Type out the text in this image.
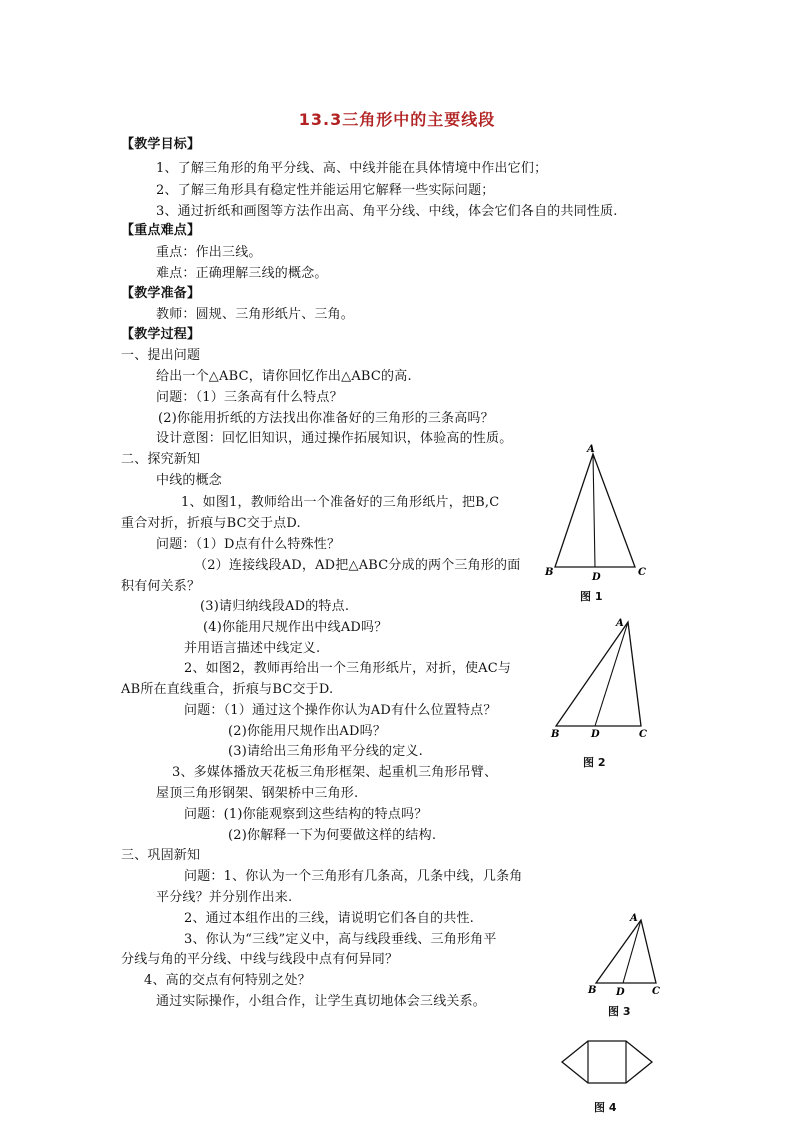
13.3三角形中的主要线段
【教学目标】
1、了解三角形的角平分线、高、中线并能在具体情境中作出它们；
2、了解三角形具有稳定性并能运用它解释一些实际问题；
3、通过折纸和画图等方法作出高、角平分线、中线，体会它们各自的共同性质.
【重点难点】
重点：作出三线。
难点：正确理解三线的概念。
【教学准备】
教师：圆规、三角形纸片、三角。
【教学过程】
一、提出问题
给出一个△ABC，请你回忆作出△ABC的高.
问题：（1）三条高有什么特点？
(2)你能用折纸的方法找出你准备好的三角形的三条高吗？
设计意图：回忆旧知识，通过操作拓展知识，体验高的性质。
二、探究新知
中线的概念
1、如图1，教师给出一个准备好的三角形纸片，把B,C
重合对折，折痕与BC交于点D.
问题：（1）D点有什么特殊性？
（2）连接线段AD，AD把△ABC分成的两个三角形的面
积有何关系？
(3)请归纳线段AD的特点.
(4)你能用尺规作出中线AD吗？
并用语言描述中线定义.
2、如图2，教师再给出一个三角形纸片，对折，使AC与
AB所在直线重合，折痕与BC交于D.
问题：（1）通过这个操作你认为AD有什么位置特点？
(2)你能用尺规作出AD吗？
(3)请给出三角形角平分线的定义.
3、多媒体播放天花板三角形框架、起重机三角形吊臂、
屋顶三角形钢架、钢架桥中三角形.
问题：(1)你能观察到这些结构的特点吗？
(2)你解释一下为何要做这样的结构.
三、巩固新知
问题：1、你认为一个三角形有几条高，几条中线，几条角
平分线？并分别作出来.
2、通过本组作出的三线，请说明它们各自的共性.
3、你认为“三线”定义中，高与线段垂线、三角形角平
分线与角的平分线、中线与线段中点有何异同？
4、高的交点有何特别之处？
通过实际操作，小组合作，让学生真切地体会三线关系。
A
B	D	C
图 1
A
B	D	C
图 2
A
B D	C
图 3
图 4
